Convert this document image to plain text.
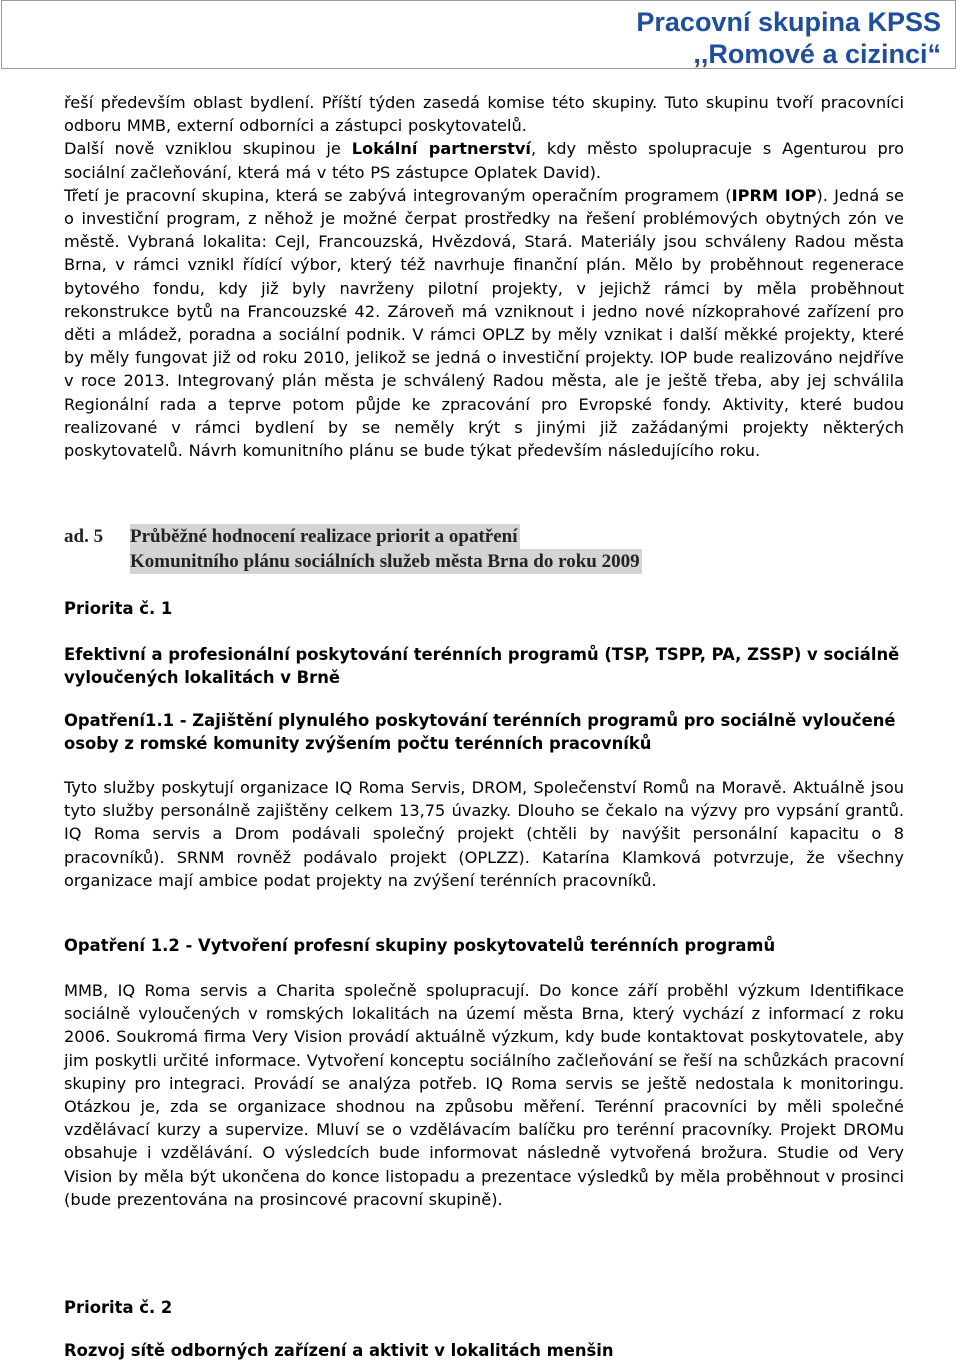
Pracovní skupina KPSS
,,Romové a cizinci“

řeší především oblast bydlení. Příští týden zasedá komise této skupiny. Tuto skupinu tvoří pracovníci odboru MMB, externí odborníci a zástupci poskytovatelů.

Další nově vzniklou skupinou je Lokální partnerství, kdy město spolupracuje s Agenturou pro sociální začleňování, která má v této PS zástupce Oplatek David).

Třetí je pracovní skupina, která se zabývá integrovaným operačním programem (IPRM IOP). Jedná se o investiční program, z něhož je možné čerpat prostředky na řešení problémových obytných zón ve městě. Vybraná lokalita: Cejl, Francouzská, Hvězdová, Stará. Materiály jsou schváleny Radou města Brna, v rámci vznikl řídící výbor, který též navrhuje finanční plán. Mělo by proběhnout regenerace bytového fondu, kdy již byly navrženy pilotní projekty, v jejichž rámci by měla proběhnout rekonstrukce bytů na Francouzské 42. Zároveň má vzniknout i jedno nové nízkoprahové zařízení pro děti a mládež, poradna a sociální podnik. V rámci OPLZ by měly vznikat i další měkké projekty, které by měly fungovat již od roku 2010, jelikož se jedná o investiční projekty. IOP bude realizováno nejdříve v roce 2013. Integrovaný plán města je schválený Radou města, ale je ještě třeba, aby jej schválila Regionální rada a teprve potom půjde ke zpracování pro Evropské fondy. Aktivity, které budou realizované v rámci bydlení by se neměly krýt s jinými již zažádanými projekty některých poskytovatelů. Návrh komunitního plánu se bude týkat především následujícího roku.

ad. 5	Průběžné hodnocení realizace priorit a opatření
Komunitního plánu sociálních služeb města Brna do roku 2009
Priorita č. 1
Efektivní a profesionální poskytování terénních programů (TSP, TSPP, PA, ZSSP) v sociálně vyloučených lokalitách v Brně
Opatření1.1 - Zajištění plynulého poskytování terénních programů pro sociálně vyloučené osoby z romské komunity zvýšením počtu terénních pracovníků

Tyto služby poskytují organizace IQ Roma Servis, DROM, Společenství Romů na Moravě. Aktuálně jsou tyto služby personálně zajištěny celkem 13,75 úvazky. Dlouho se čekalo na výzvy pro vypsání grantů. IQ Roma servis a Drom podávali společný projekt (chtěli by navýšit personální kapacitu o 8 pracovníků). SRNM rovněž podávalo projekt (OPLZZ). Katarína Klamková potvrzuje, že všechny organizace mají ambice podat projekty na zvýšení terénních pracovníků.

Opatření 1.2 - Vytvoření profesní skupiny poskytovatelů terénních programů

MMB, IQ Roma servis a Charita společně spolupracují. Do konce září proběhl výzkum Identifikace sociálně vyloučených v romských lokalitách na území města Brna, který vychází z informací z roku 2006. Soukromá firma Very Vision provádí aktuálně výzkum, kdy bude kontaktovat poskytovatele, aby jim poskytli určité informace. Vytvoření konceptu sociálního začleňování se řeší na schůzkách pracovní skupiny pro integraci. Provádí se analýza potřeb. IQ Roma servis se ještě nedostala k monitoringu. Otázkou je, zda se organizace shodnou na způsobu měření. Terénní pracovníci by měli společné vzdělávací kurzy a supervize. Mluví se o vzdělávacím balíčku pro terénní pracovníky. Projekt DROMu obsahuje i vzdělávání. O výsledcích bude informovat následně vytvořená brožura. Studie od Very Vision by měla být ukončena do konce listopadu a prezentace výsledků by měla proběhnout v prosinci (bude prezentována na prosincové pracovní skupině).

Priorita č. 2
Rozvoj sítě odborných zařízení a aktivit v lokalitách menšin
